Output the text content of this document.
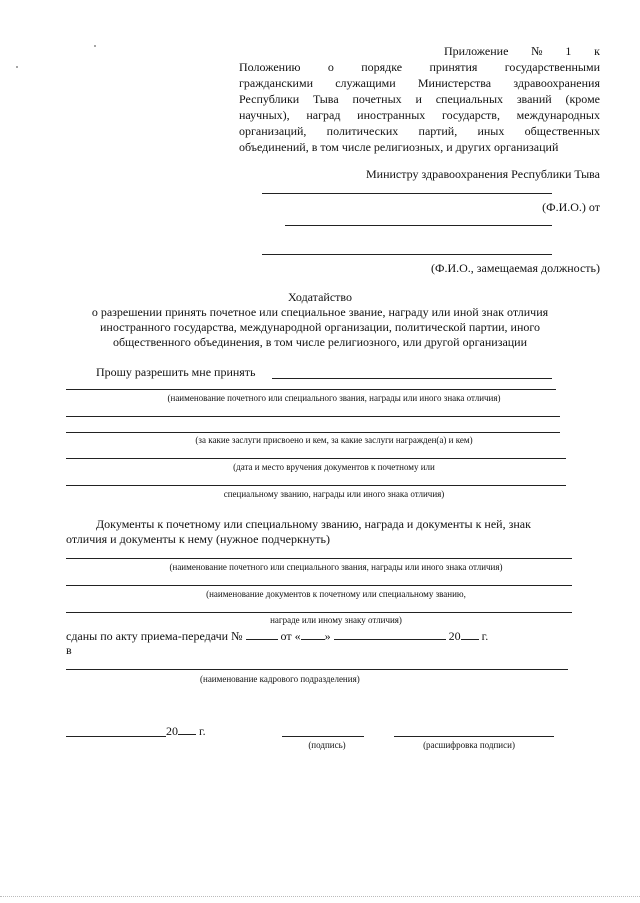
Приложение № 1 к
Положению о порядке принятия государственными
гражданскими служащими Министерства здравоохранения
Республики Тыва почетных и специальных званий (кроме
научных), наград иностранных государств, международных
организаций, политических партий, иных общественных
объединений, в том числе религиозных, и других организаций
Министру здравоохранения Республики Тыва
(Ф.И.О.) от
(Ф.И.О., замещаемая должность)
Ходатайство
о разрешении принять почетное или специальное звание, награду или иной знак отличия
иностранного государства, международной организации, политической партии, иного
общественного объединения, в том числе религиозного, или другой организации
Прошу разрешить мне принять
(наименование почетного или специального звания, награды или иного знака отличия)
(за какие заслуги присвоено и кем, за какие заслуги награжден(а) и кем)
(дата и место вручения документов к почетному или
специальному званию, награды или иного знака отличия)
Документы к почетному или специальному званию, награда и документы к ней, знак
отличия и документы к нему (нужное подчеркнуть)
(наименование почетного или специального звания, награды или иного знака отличия)
(наименование документов к почетному или специальному званию,
награде или иному знаку отличия)
сданы по акту приема-передачи №	от « »	20 г.
в
(наименование кадрового подразделения)
20 г.
(подпись)	(расшифровка подписи)
